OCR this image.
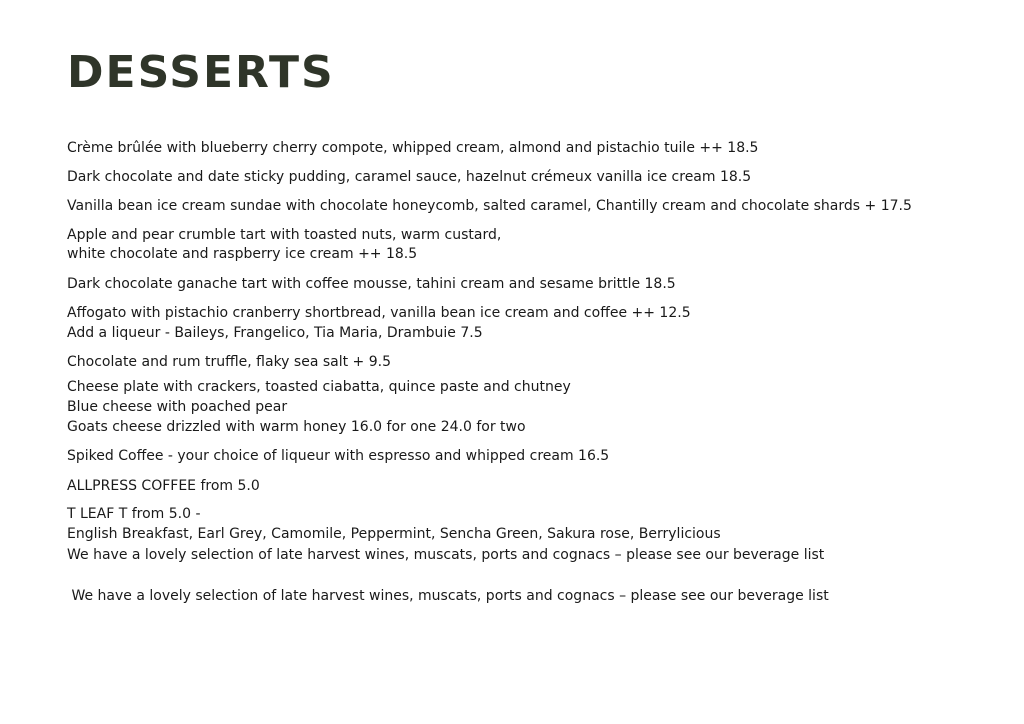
DESSERTS

Crème brûlée with blueberry cherry compote, whipped cream, almond and pistachio tuile ++ 18.5

Dark chocolate and date sticky pudding, caramel sauce, hazelnut crémeux vanilla ice cream 18.5

Vanilla bean ice cream sundae with chocolate honeycomb, salted caramel, Chantilly cream and chocolate shards + 17.5

Apple and pear crumble tart with toasted nuts, warm custard,

white chocolate and raspberry ice cream ++ 18.5

Dark chocolate ganache tart with coffee mousse, tahini cream and sesame brittle 18.5

Affogato with pistachio cranberry shortbread, vanilla bean ice cream and coffee ++ 12.5

Add a liqueur - Baileys, Frangelico, Tia Maria, Drambuie 7.5

Chocolate and rum truffle, flaky sea salt + 9.5

Cheese plate with crackers, toasted ciabatta, quince paste and chutney

Blue cheese with poached pear

Goats cheese drizzled with warm honey 16.0 for one 24.0 for two

Spiked Coffee - your choice of liqueur with espresso and whipped cream 16.5

ALLPRESS COFFEE from 5.0

T LEAF T from 5.0 -

English Breakfast, Earl Grey, Camomile, Peppermint, Sencha Green, Sakura rose, Berrylicious

We have a lovely selection of late harvest wines, muscats, ports and cognacs – please see our beverage list

We have a lovely selection of late harvest wines, muscats, ports and cognacs – please see our beverage list
